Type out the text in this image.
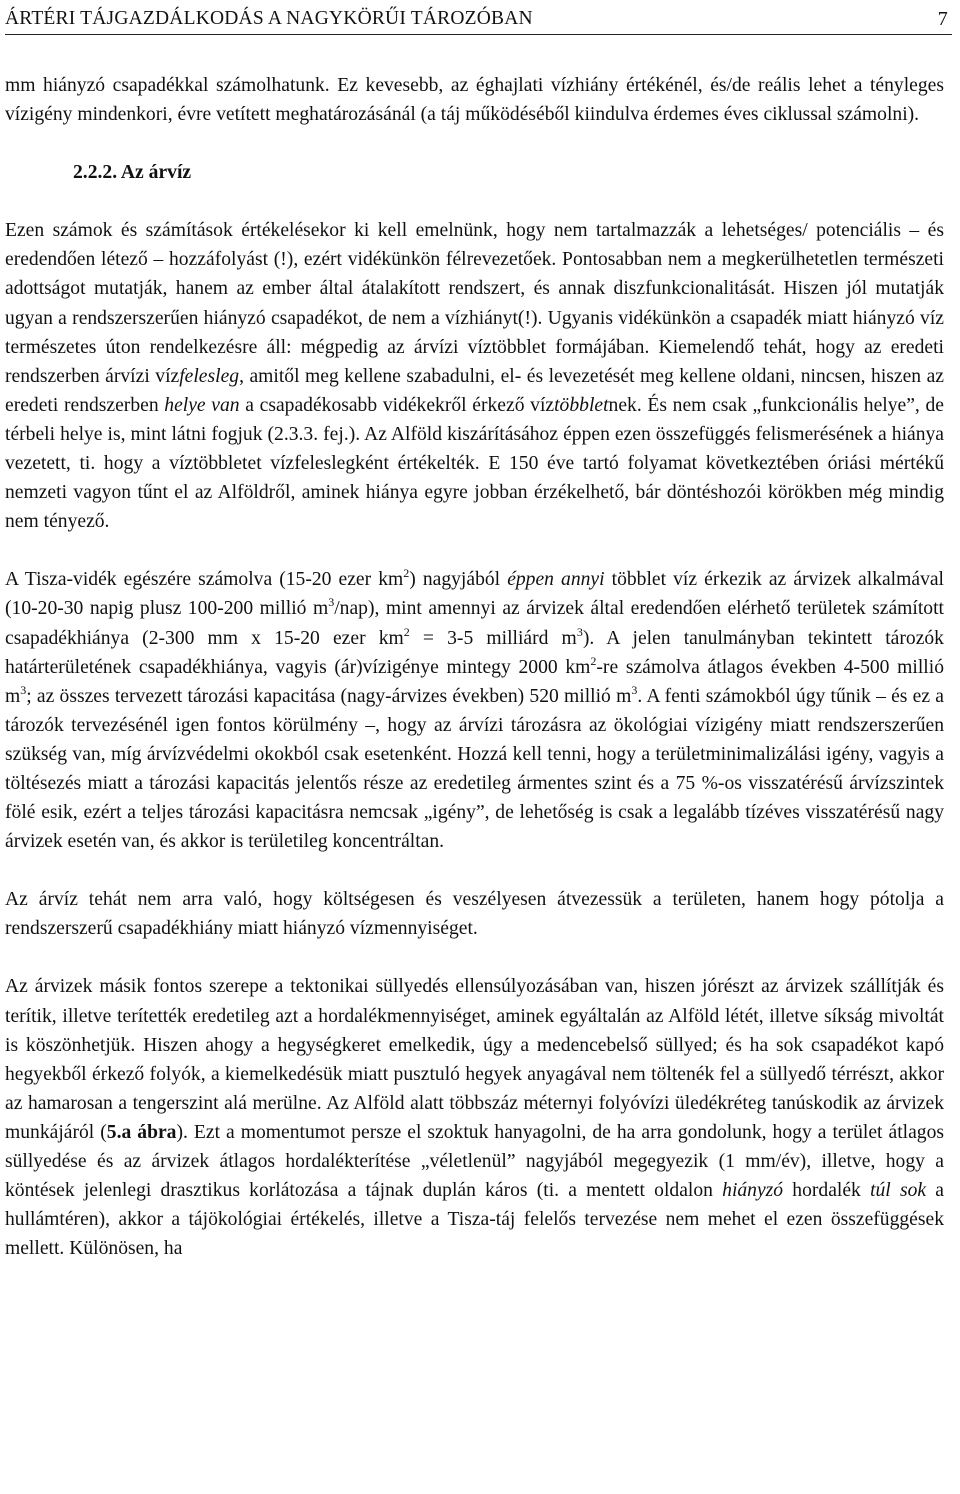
ÁRTÉRI TÁJGAZDÁLKODÁS A NAGYKÖRŰI TÁROZÓBAN	7

mm hiányzó csapadékkal számolhatunk. Ez kevesebb, az éghajlati vízhiány értékénél, és/de reális lehet a tényleges vízigény mindenkori, évre vetített meghatározásánál (a táj működéséből kiindulva érdemes éves ciklussal számolni).

2.2.2. Az árvíz

Ezen számok és számítások értékelésekor ki kell emelnünk, hogy nem tartalmazzák a lehetséges/ potenciális – és eredendően létező – hozzáfolyást (!), ezért vidékünkön félrevezetőek. Pontosabban nem a megkerülhetetlen természeti adottságot mutatják, hanem az ember által átalakított rendszert, és annak diszfunkcionalitását. Hiszen jól mutatják ugyan a rendszerszerűen hiányzó csapadékot, de nem a vízhiányt(!). Ugyanis vidékünkön a csapadék miatt hiányzó víz természetes úton rendelkezésre áll: mégpedig az árvízi víztöbblet formájában. Kiemelendő tehát, hogy az eredeti rendszerben árvízi vízfelesleg, amitől meg kellene szabadulni, el- és levezetését meg kellene oldani, nincsen, hiszen az eredeti rendszerben helye van a csapadékosabb vidékekről érkező víztöbbletnek. És nem csak „funkcionális helye”, de térbeli helye is, mint látni fogjuk (2.3.3. fej.). Az Alföld kiszárításához éppen ezen összefüggés felismerésének a hiánya vezetett, ti. hogy a víztöbbletet vízfeleslegként értékelték. E 150 éve tartó folyamat következtében óriási mértékű nemzeti vagyon tűnt el az Alföldről, aminek hiánya egyre jobban érzékelhető, bár döntéshozói körökben még mindig nem tényező.

A Tisza-vidék egészére számolva (15-20 ezer $km^2$) nagyjából éppen annyi többlet víz érkezik az árvizek alkalmával (10-20-30 napig plusz 100-200 millió $m^3/nap$), mint amennyi az árvizek által eredendően elérhető területek számított csapadékhiánya (2-300 mm x 15-20 ezer $km^2 = 3-5$ milliárd $m^3$). A jelen tanulmányban tekintett tározók határterületének csapadékhiánya, vagyis (ár)vízigénye mintegy 2000 $km^2-re$ számolva átlagos években 4-500 millió $m^3$; az összes tervezett tározási kapacitása (nagy-árvizes években) 520 millió $m^3$. A fenti számokból úgy tűnik – és ez a tározók tervezésénél igen fontos körülmény –, hogy az árvízi tározásra az ökológiai vízigény miatt rendszerszerűen szükség van, míg árvízvédelmi okokból csak esetenként. Hozzá kell tenni, hogy a területminimalizálási igény, vagyis a töltésezés miatt a tározási kapacitás jelentős része az eredetileg ármentes szint és a 75 %-os visszatérésű árvízszintek fölé esik, ezért a teljes tározási kapacitásra nemcsak „igény”, de lehetőség is csak a legalább tízéves visszatérésű nagy árvizek esetén van, és akkor is területileg koncentráltan.

Az árvíz tehát nem arra való, hogy költségesen és veszélyesen átvezessük a területen, hanem hogy pótolja a rendszerszerű csapadékhiány miatt hiányzó vízmennyiséget.

Az árvizek másik fontos szerepe a tektonikai süllyedés ellensúlyozásában van, hiszen jórészt az árvizek szállítják és terítik, illetve terítették eredetileg azt a hordalékmennyiséget, aminek egyáltalán az Alföld létét, illetve síkság mivoltát is köszönhetjük. Hiszen ahogy a hegységkeret emelkedik, úgy a medencebelső süllyed; és ha sok csapadékot kapó hegyekből érkező folyók, a kiemelkedésük miatt pusztuló hegyek anyagával nem töltenék fel a süllyedő térrészt, akkor az hamarosan a tengerszint alá merülne. Az Alföld alatt többszáz méternyi folyóvízi üledékréteg tanúskodik az árvizek munkájáról (5.a ábra). Ezt a momentumot persze el szoktuk hanyagolni, de ha arra gondolunk, hogy a terület átlagos süllyedése és az árvizek átlagos hordalékterítése „véletlenül” nagyjából megegyezik (1 mm/év), illetve, hogy a köntések jelenlegi drasztikus korlátozása a tájnak duplán káros (ti. a mentett oldalon hiányzó hordalék túl sok a hullámtéren), akkor a tájökológiai értékelés, illetve a Tisza-táj felelős tervezése nem mehet el ezen összefüggések mellett. Különösen, ha
